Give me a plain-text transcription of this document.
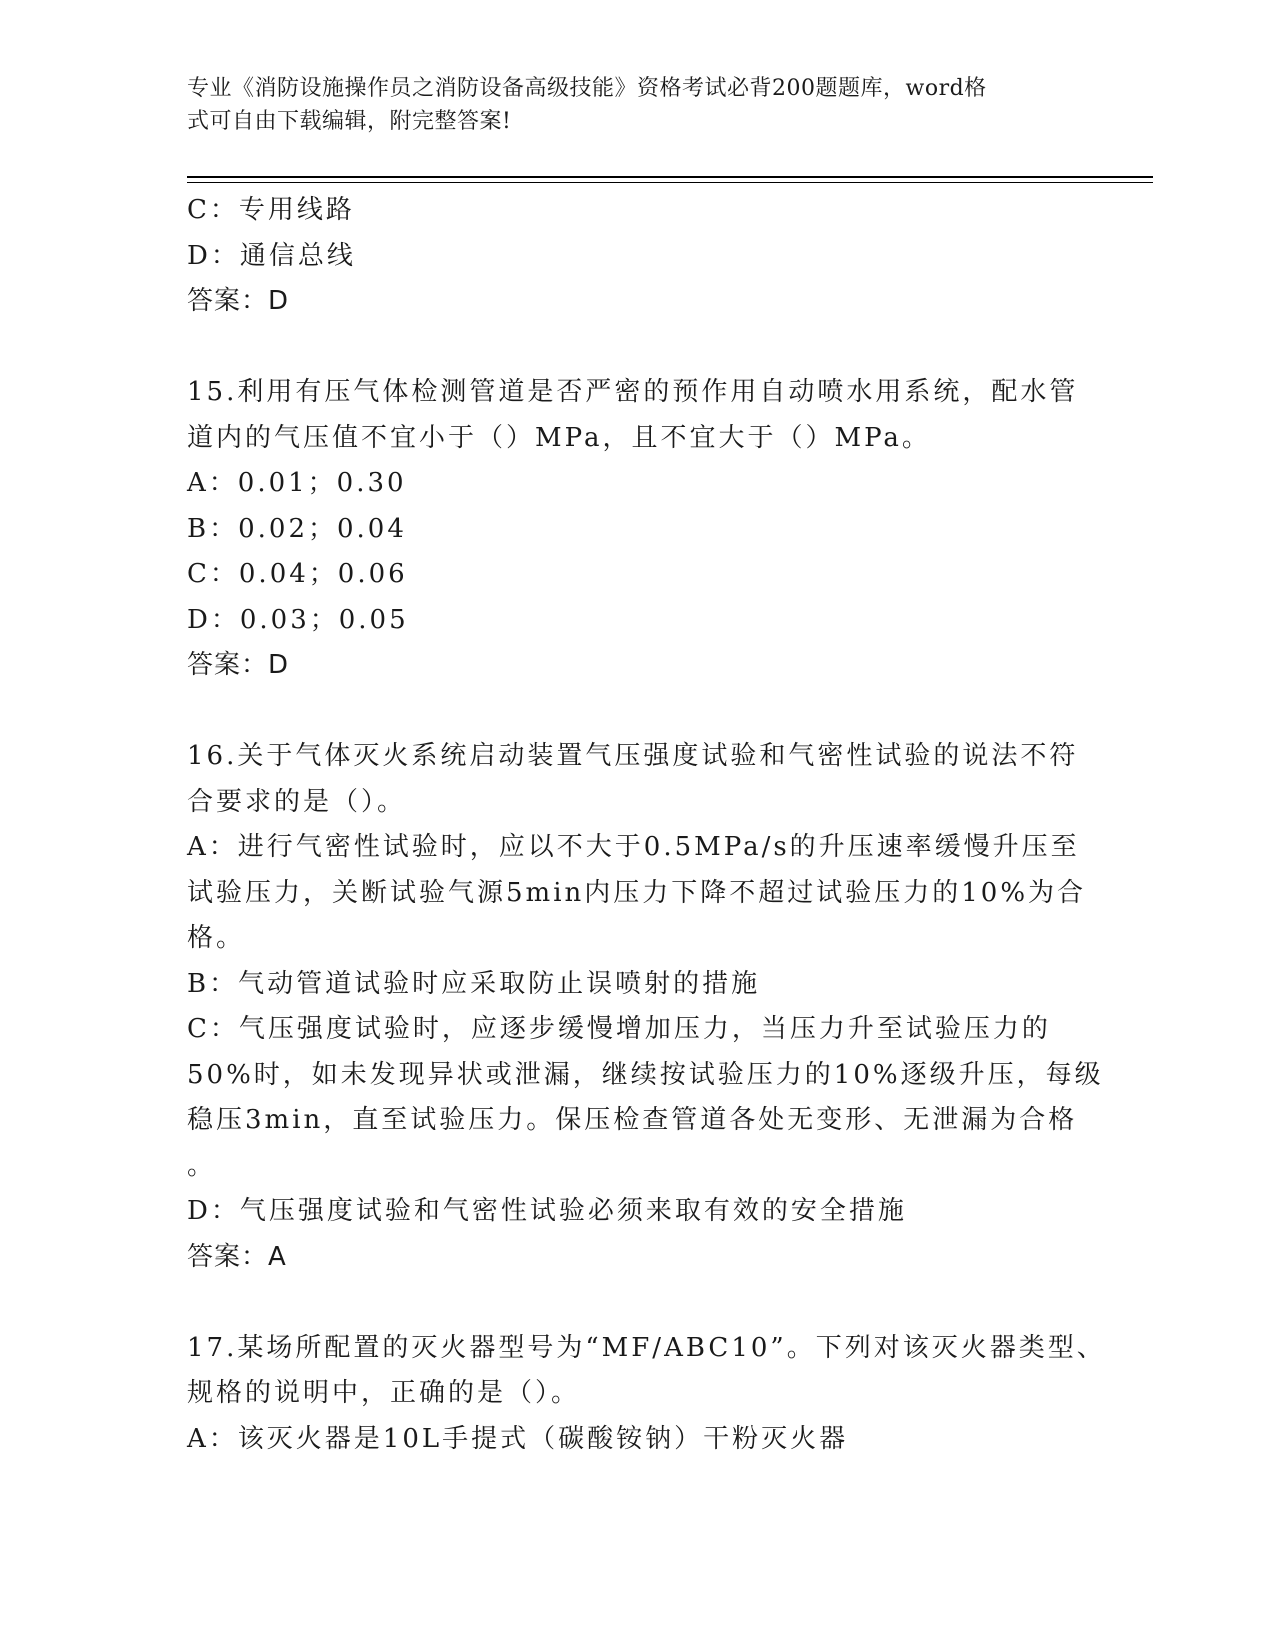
专业《消防设施操作员之消防设备高级技能》资格考试必背200题题库，word格
式可自由下载编辑，附完整答案!
C：专用线路
D：通信总线
答案：D
15.利用有压气体检测管道是否严密的预作用自动喷水用系统，配水管
道内的气压值不宜小于（）MPa，且不宜大于（）MPa。
A：0.01；0.30
B：0.02；0.04
C：0.04；0.06
D：0.03；0.05
答案：D
16.关于气体灭火系统启动装置气压强度试验和气密性试验的说法不符
合要求的是（）。
A：进行气密性试验时，应以不大于0.5MPa/s的升压速率缓慢升压至
试验压力，关断试验气源5min内压力下降不超过试验压力的10%为合
格。
B：气动管道试验时应采取防止误喷射的措施
C：气压强度试验时，应逐步缓慢增加压力，当压力升至试验压力的
50%时，如未发现异状或泄漏，继续按试验压力的10%逐级升压，每级
稳压3min，直至试验压力。保压检查管道各处无变形、无泄漏为合格
。
D：气压强度试验和气密性试验必须来取有效的安全措施
答案：A
17.某场所配置的灭火器型号为“MF/ABC10”。下列对该灭火器类型、
规格的说明中，正确的是（）。
A：该灭火器是10L手提式（碳酸铵钠）干粉灭火器
